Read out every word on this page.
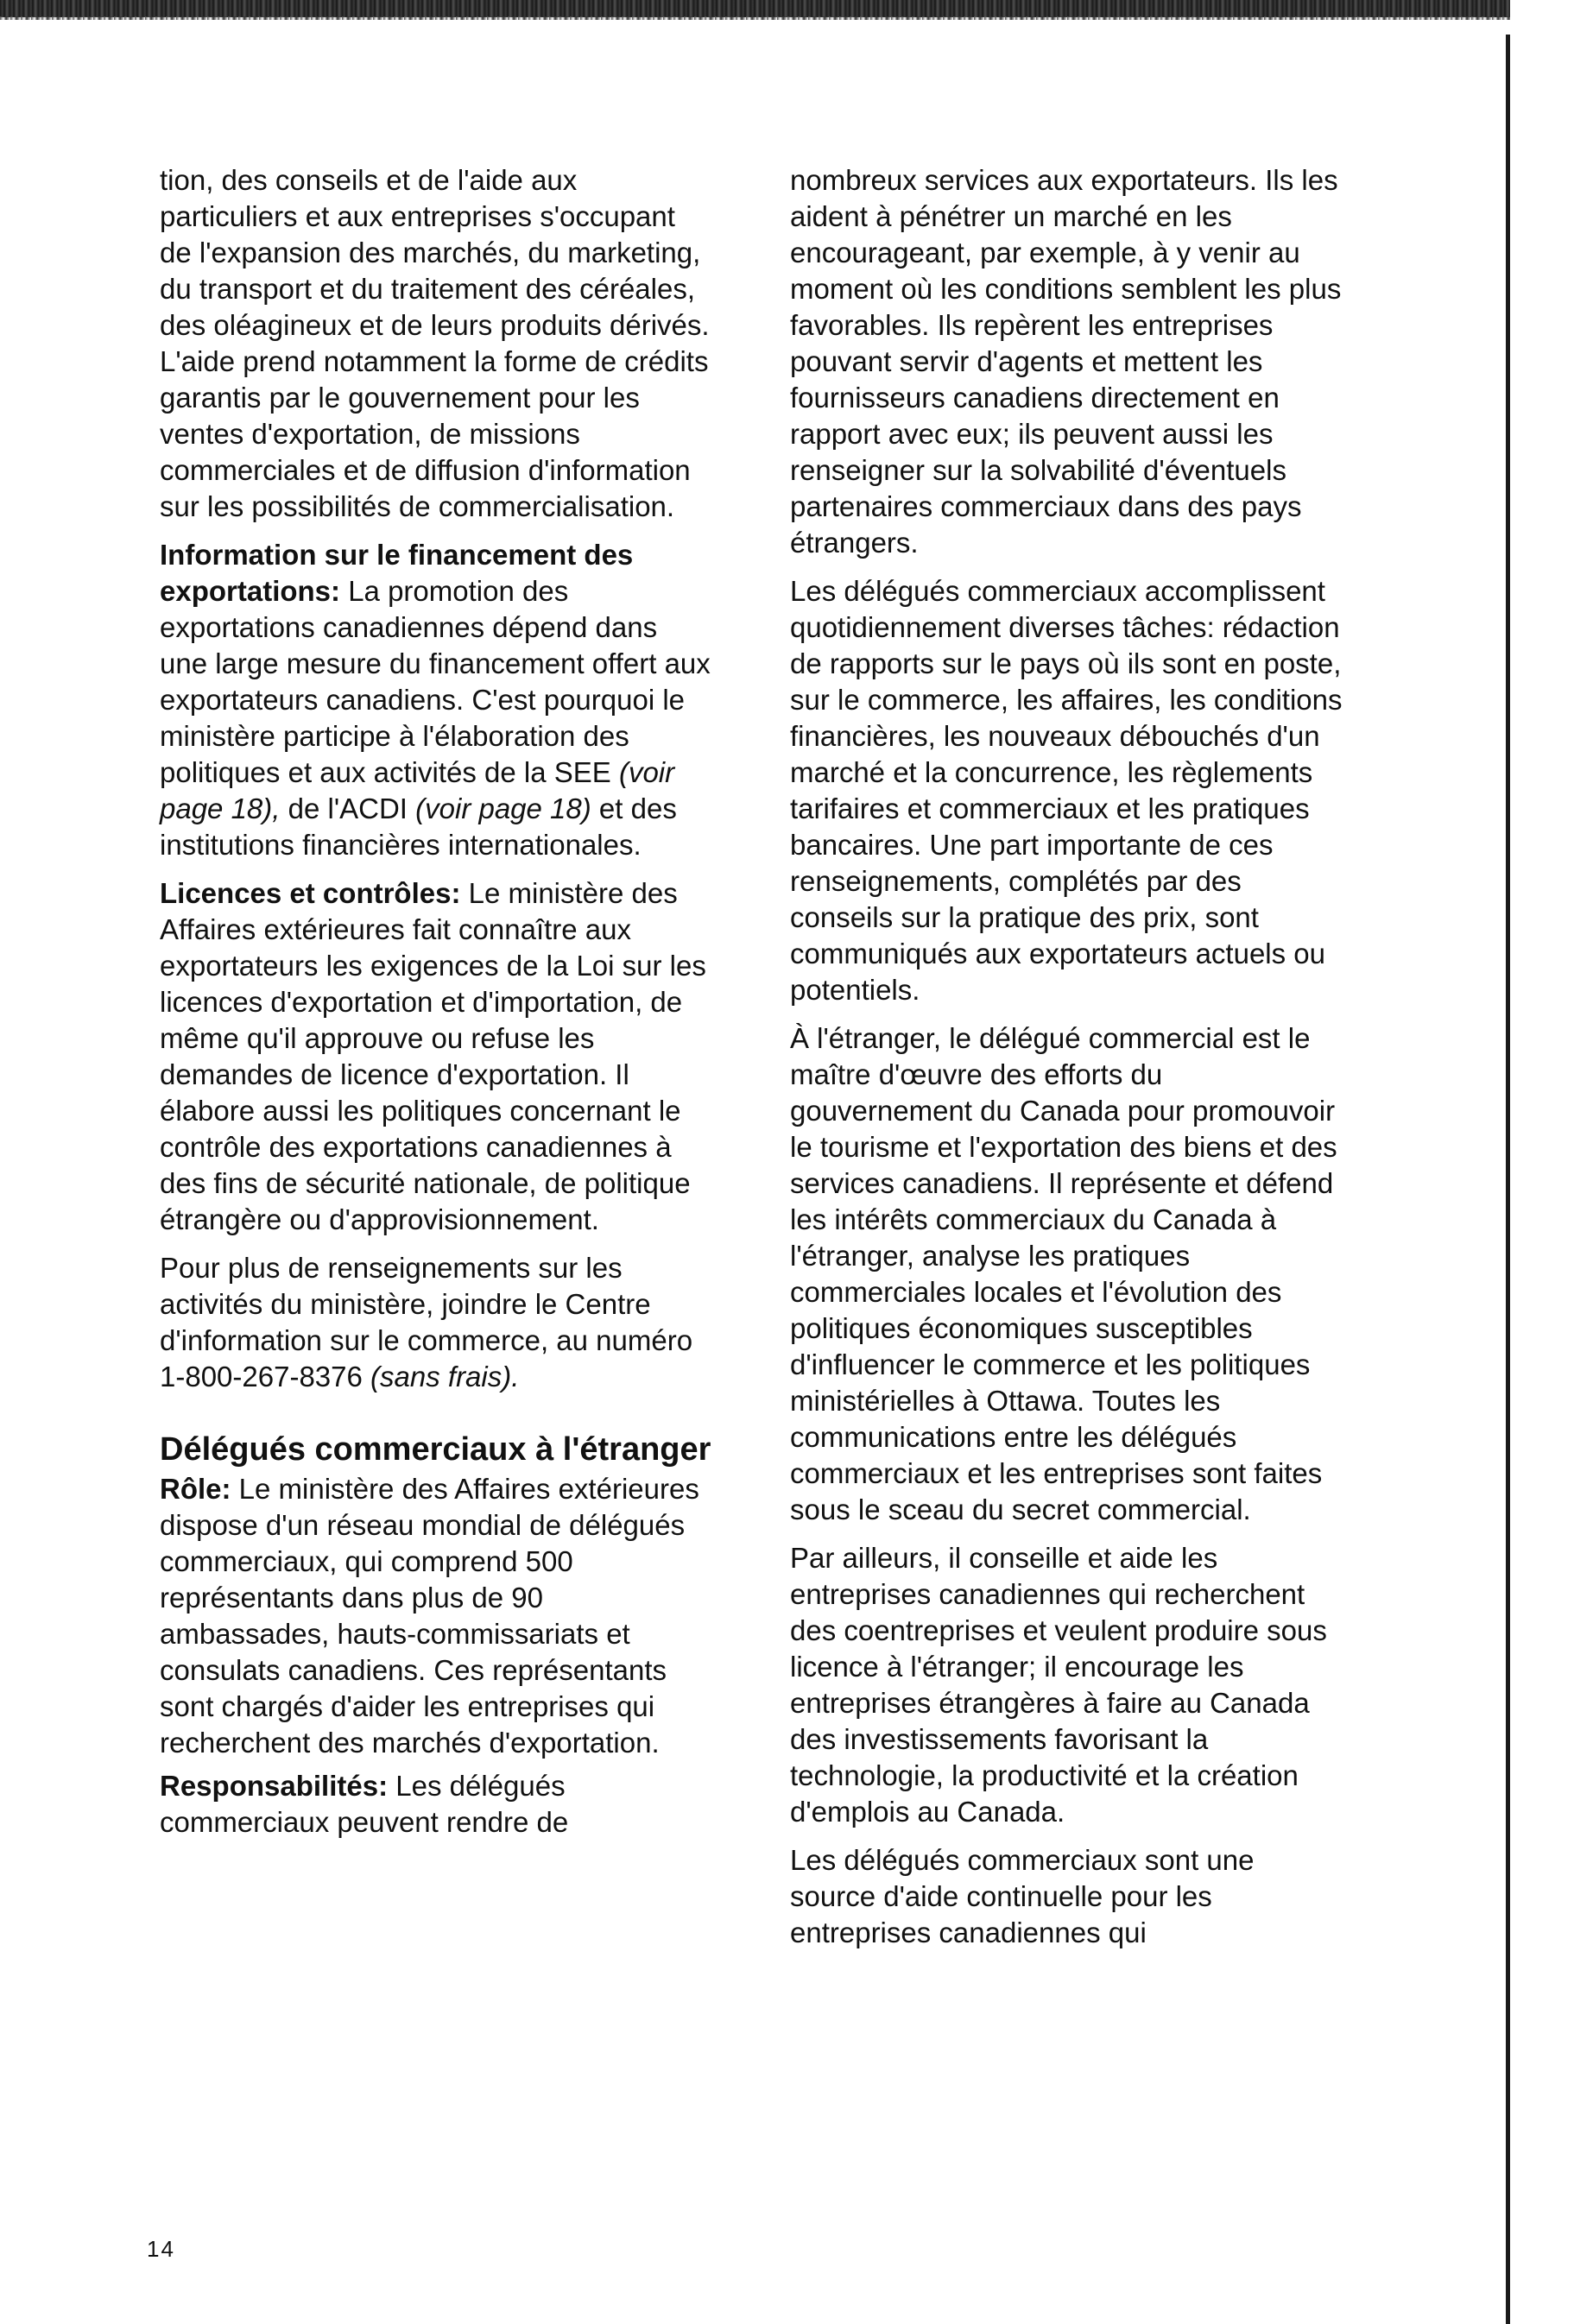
tion, des conseils et de l'aide aux particuliers et aux entreprises s'occupant de l'expansion des marchés, du marketing, du transport et du traitement des céréales, des oléagineux et de leurs produits dérivés. L'aide prend notamment la forme de crédits garantis par le gouvernement pour les ventes d'exportation, de missions commerciales et de diffusion d'information sur les possibilités de commercialisation.

Information sur le financement des exportations: La promotion des exportations canadiennes dépend dans une large mesure du financement offert aux exportateurs canadiens. C'est pourquoi le ministère participe à l'élaboration des politiques et aux activités de la SEE (voir page 18), de l'ACDI (voir page 18) et des institutions financières internationales.

Licences et contrôles: Le ministère des Affaires extérieures fait connaître aux exportateurs les exigences de la Loi sur les licences d'exportation et d'importation, de même qu'il approuve ou refuse les demandes de licence d'exportation. Il élabore aussi les politiques concernant le contrôle des exportations canadiennes à des fins de sécurité nationale, de politique étrangère ou d'approvisionnement.

Pour plus de renseignements sur les activités du ministère, joindre le Centre d'information sur le commerce, au numéro 1-800-267-8376 (sans frais).

Délégués commerciaux à l'étranger

Rôle: Le ministère des Affaires extérieures dispose d'un réseau mondial de délégués commerciaux, qui comprend 500 représentants dans plus de 90 ambassades, hauts-commissariats et consulats canadiens. Ces représentants sont chargés d'aider les entreprises qui recherchent des marchés d'exportation.

Responsabilités: Les délégués commerciaux peuvent rendre de

nombreux services aux exportateurs. Ils les aident à pénétrer un marché en les encourageant, par exemple, à y venir au moment où les conditions semblent les plus favorables. Ils repèrent les entreprises pouvant servir d'agents et mettent les fournisseurs canadiens directement en rapport avec eux; ils peuvent aussi les renseigner sur la solvabilité d'éventuels partenaires commerciaux dans des pays étrangers.

Les délégués commerciaux accomplissent quotidiennement diverses tâches: rédaction de rapports sur le pays où ils sont en poste, sur le commerce, les affaires, les conditions financières, les nouveaux débouchés d'un marché et la concurrence, les règlements tarifaires et commerciaux et les pratiques bancaires. Une part importante de ces renseignements, complétés par des conseils sur la pratique des prix, sont communiqués aux exportateurs actuels ou potentiels.

À l'étranger, le délégué commercial est le maître d'œuvre des efforts du gouvernement du Canada pour promouvoir le tourisme et l'exportation des biens et des services canadiens. Il représente et défend les intérêts commerciaux du Canada à l'étranger, analyse les pratiques commerciales locales et l'évolution des politiques économiques susceptibles d'influencer le commerce et les politiques ministérielles à Ottawa. Toutes les communications entre les délégués commerciaux et les entreprises sont faites sous le sceau du secret commercial.

Par ailleurs, il conseille et aide les entreprises canadiennes qui recherchent des coentreprises et veulent produire sous licence à l'étranger; il encourage les entreprises étrangères à faire au Canada des investissements favorisant la technologie, la productivité et la création d'emplois au Canada.

Les délégués commerciaux sont une source d'aide continuelle pour les entreprises canadiennes qui

14
